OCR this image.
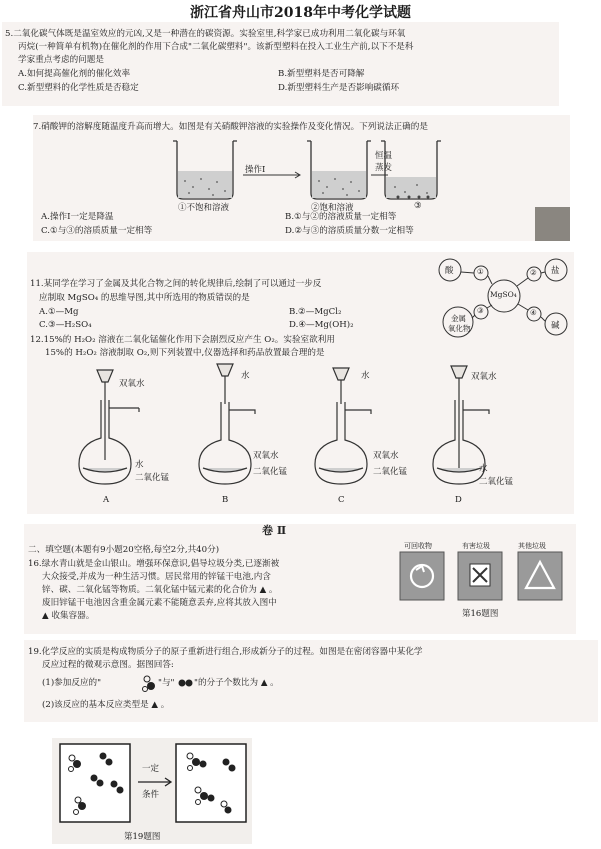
浙江省舟山市2018年中考化学试题
5.二氧化碳气体既是温室效应的元凶,又是一种潜在的碳资源。实验室里,科学家已成功利用二氧化碳与环氧
丙烷(一种简单有机物)在催化剂的作用下合成"二氧化碳塑料"。该新型塑料在投入工业生产前,以下不是科
学家重点考虑的问题是
A.如何提高催化剂的催化效率	B.新型塑料是否可降解
C.新型塑料的化学性质是否稳定	D.新型塑料生产是否影响碳循环
7.硝酸钾的溶解度随温度升高而增大。如图是有关硝酸钾溶液的实验操作及变化情况。下列说法正确的是
操作Ⅰ
恒温
蒸发
①不饱和溶液	②饱和溶液	③
A.操作Ⅰ一定是降温	B.①与②的溶液质量一定相等
C.①与③的溶质质量一定相等	D.②与③的溶质质量分数一定相等
11.某同学在学习了金属及其化合物之间的转化规律后,绘制了可以通过一步反
应制取 MgSO₄ 的思维导图,其中所选用的物质错误的是
A.①—Mg	B.②—MgCl₂
C.③—H₂SO₄	D.④—Mg(OH)₂
酸	盐
MgSO₄
金属
氧化物	碱
①	②
③	④
12.15%的 H₂O₂ 溶液在二氧化锰催化作用下会剧烈反应产生 O₂。实验室欲利用
15%的 H₂O₂ 溶液制取 O₂,则下列装置中,仪器选择和药品放置最合理的是
双氧水
水
二氧化锰
水
双氧水
二氧化锰
水
双氧水
二氧化锰
双氧水
水
二氧化锰
A	B	C	D
卷 Ⅱ
二、填空题(本题有9小题20空格,每空2分,共40分)
16.绿水青山就是金山银山。增强环保意识,倡导垃圾分类,已逐渐被
大众接受,并成为一种生活习惯。居民常用的锌锰干电池,内含
锌、碳、二氧化锰等物质。二氧化锰中锰元素的化合价为 ▲ 。
废旧锌锰干电池因含重金属元素不能随意丢弃,应将其放入图中
▲ 收集容器。
可回收物	有害垃圾	其他垃圾
第16题图
19.化学反应的实质是构成物质分子的原子重新进行组合,形成新分子的过程。如图是在密闭容器中某化学
反应过程的微观示意图。据图回答:
(1)参加反应的"	"与" "的分子个数比为 ▲ 。
(2)该反应的基本反应类型是 ▲ 。
一定
条件
第19题图
